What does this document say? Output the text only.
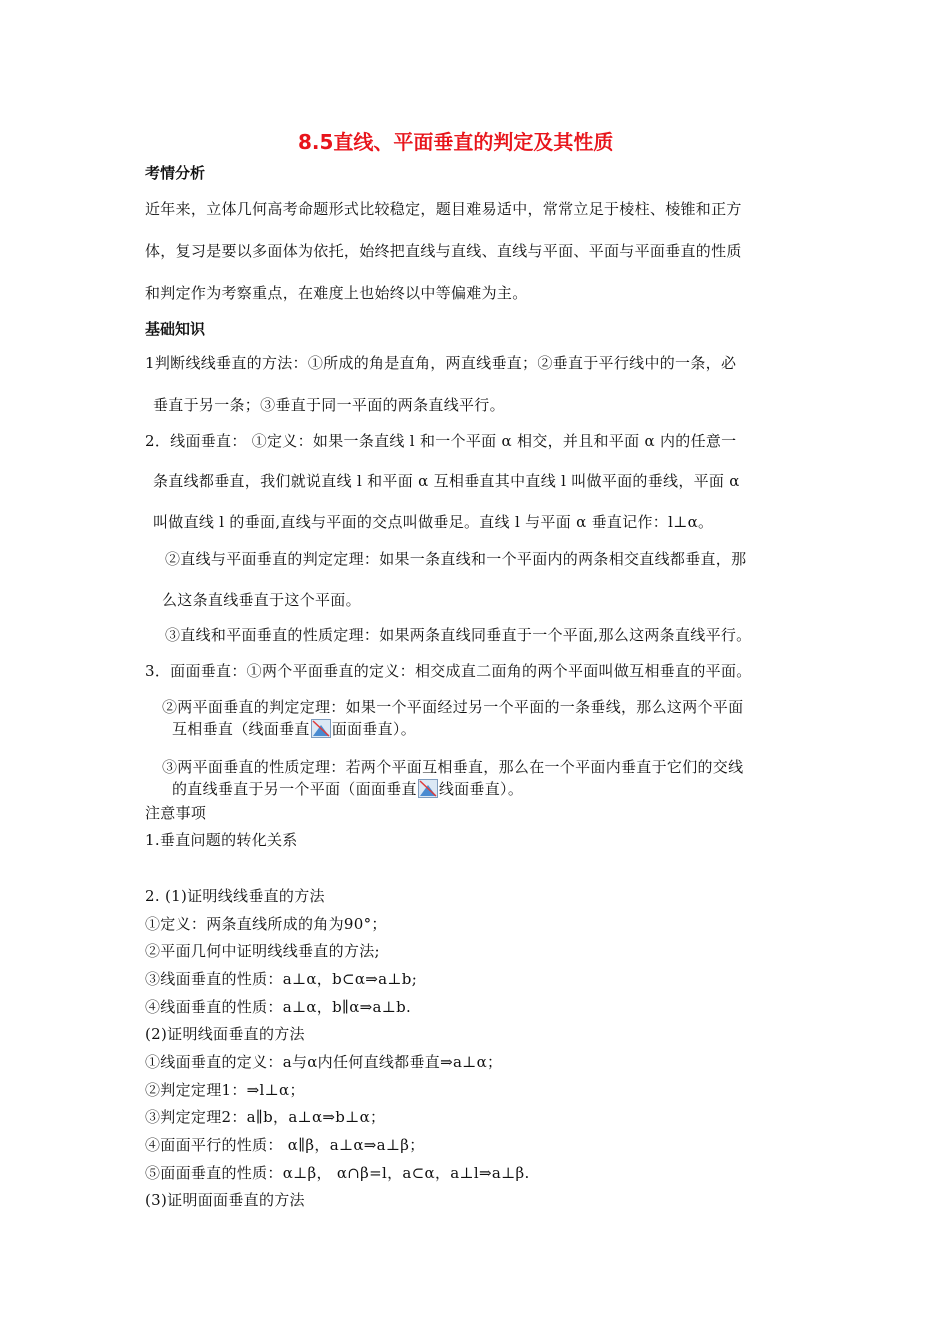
8.5直线、平面垂直的判定及其性质
考情分析
近年来，立体几何高考命题形式比较稳定，题目难易适中，常常立足于棱柱、棱锥和正方
体，复习是要以多面体为依托，始终把直线与直线、直线与平面、平面与平面垂直的性质
和判定作为考察重点，在难度上也始终以中等偏难为主。
基础知识
1判断线线垂直的方法：①所成的角是直角，两直线垂直；②垂直于平行线中的一条，必
垂直于另一条；③垂直于同一平面的两条直线平行。
2．线面垂直： ①定义：如果一条直线 l 和一个平面 α 相交，并且和平面 α 内的任意一
条直线都垂直，我们就说直线 l 和平面 α 互相垂直其中直线 l 叫做平面的垂线，平面 α
叫做直线 l 的垂面,直线与平面的交点叫做垂足。直线 l 与平面 α 垂直记作：l⊥α。
②直线与平面垂直的判定定理：如果一条直线和一个平面内的两条相交直线都垂直，那
么这条直线垂直于这个平面。
③直线和平面垂直的性质定理：如果两条直线同垂直于一个平面,那么这两条直线平行。
3．面面垂直：①两个平面垂直的定义：相交成直二面角的两个平面叫做互相垂直的平面。
②两平面垂直的判定定理：如果一个平面经过另一个平面的一条垂线，那么这两个平面
互相垂直（线面垂直 面面垂直）。
③两平面垂直的性质定理：若两个平面互相垂直，那么在一个平面内垂直于它们的交线
的直线垂直于另一个平面（面面垂直 线面垂直）。
注意事项
1.垂直问题的转化关系
2. (1)证明线线垂直的方法
①定义：两条直线所成的角为90°；
②平面几何中证明线线垂直的方法;
③线面垂直的性质：a⊥α，b⊂α⇒a⊥b;
④线面垂直的性质：a⊥α，b∥α⇒a⊥b.
(2)证明线面垂直的方法
①线面垂直的定义：a与α内任何直线都垂直⇒a⊥α；
②判定定理1：⇒l⊥α；
③判定定理2：a∥b，a⊥α⇒b⊥α；
④面面平行的性质： α∥β，a⊥α⇒a⊥β；
⑤面面垂直的性质：α⊥β， α∩β=l，a⊂α，a⊥l⇒a⊥β.
(3)证明面面垂直的方法
